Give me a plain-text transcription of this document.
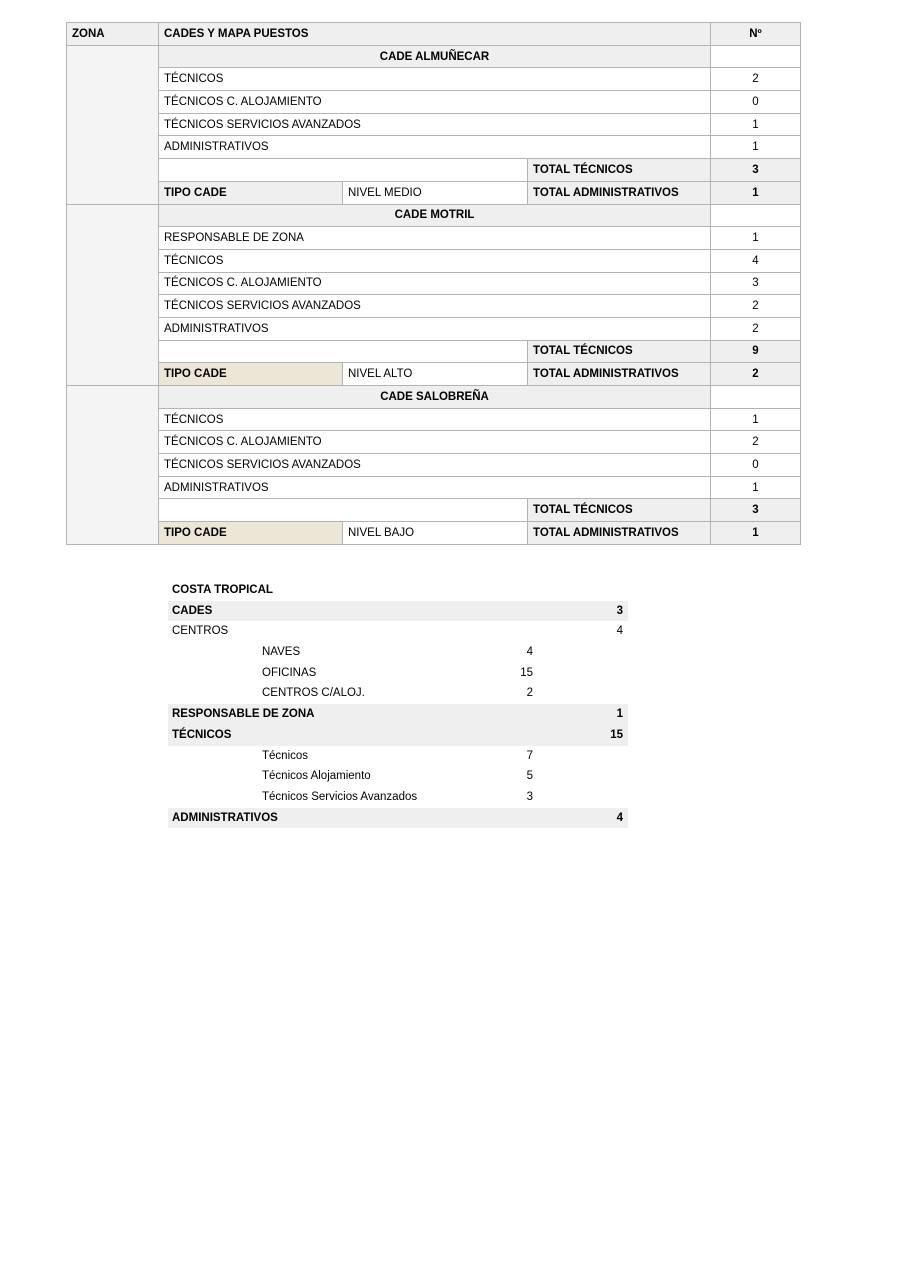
ZONA	CADES Y MAPA PUESTOS			Nº
	CADE ALMUÑECAR			
	TÉCNICOS			2
	TÉCNICOS C. ALOJAMIENTO			0
	TÉCNICOS SERVICIOS AVANZADOS			1
	ADMINISTRATIVOS			1
			TOTAL TÉCNICOS	3
	TIPO CADE	NIVEL MEDIO	TOTAL ADMINISTRATIVOS	1
	CADE MOTRIL			
	RESPONSABLE DE ZONA			1
	TÉCNICOS			4
	TÉCNICOS C. ALOJAMIENTO			3
	TÉCNICOS SERVICIOS AVANZADOS			2
	ADMINISTRATIVOS			2
			TOTAL TÉCNICOS	9
	TIPO CADE	NIVEL ALTO	TOTAL ADMINISTRATIVOS	2
	CADE SALOBREÑA			
	TÉCNICOS			1
	TÉCNICOS C. ALOJAMIENTO			2
	TÉCNICOS SERVICIOS AVANZADOS			0
	ADMINISTRATIVOS			1
			TOTAL TÉCNICOS	3
	TIPO CADE	NIVEL BAJO	TOTAL ADMINISTRATIVOS	1
COSTA TROPICAL
CADES	3
CENTROS	4
NAVES	4
OFICINAS	15
CENTROS C/ALOJ.	2
RESPONSABLE DE ZONA	1
TÉCNICOS	15
Técnicos	7
Técnicos Alojamiento	5
Técnicos Servicios Avanzados	3
ADMINISTRATIVOS	4
